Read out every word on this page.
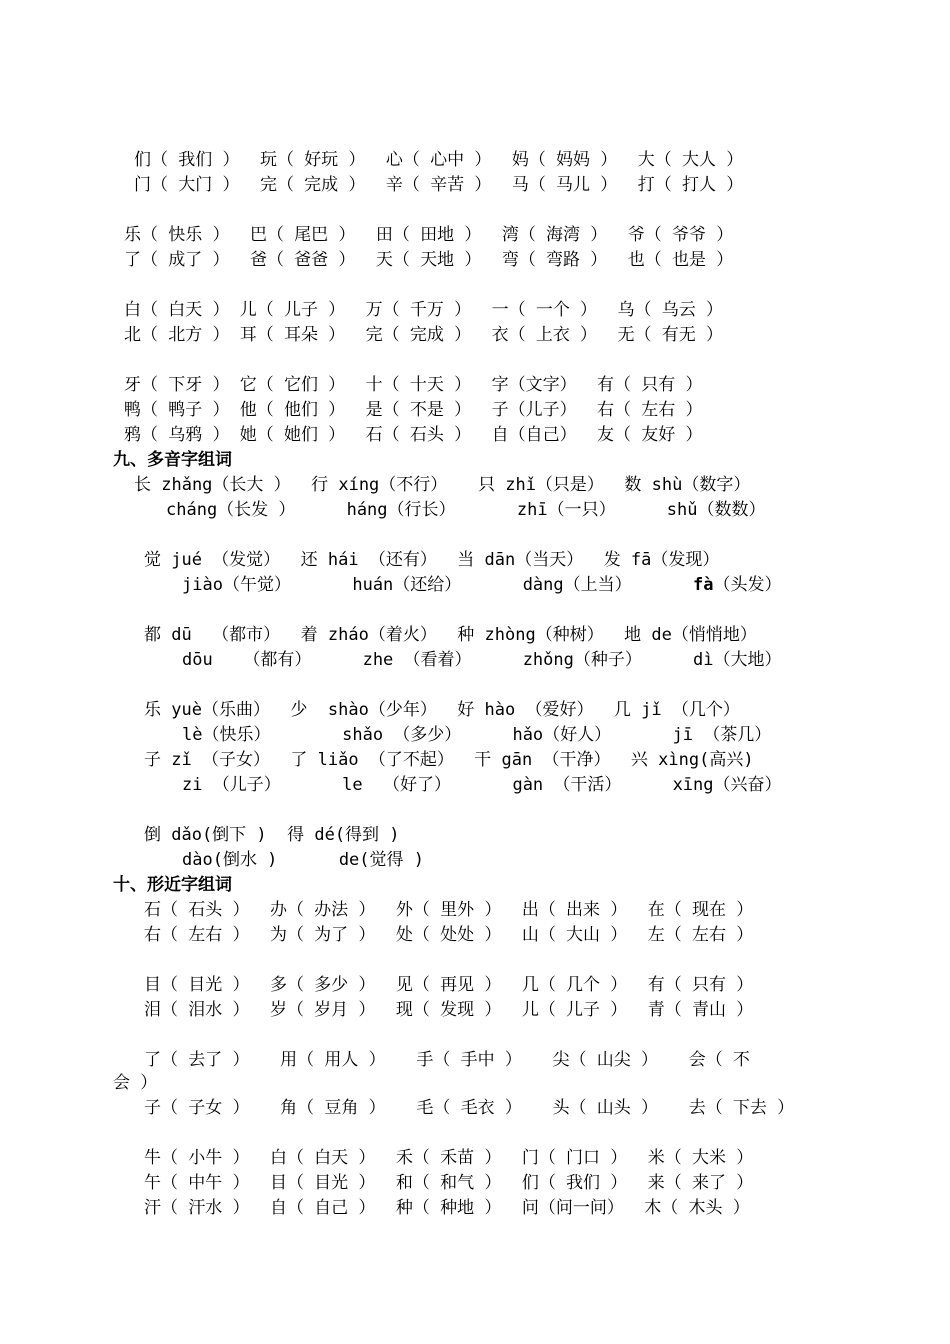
们（ 我们 ）  玩（ 好玩 ）  心（ 心中 ）  妈（ 妈妈 ）  大（ 大人 ）
门（ 大门 ）  完（ 完成 ）  辛（ 辛苦 ）  马（ 马儿 ）  打（ 打人 ）
乐（ 快乐 ）  巴（ 尾巴 ）  田（ 田地 ）  湾（ 海湾 ）  爷（ 爷爷 ）
了（ 成了 ）  爸（ 爸爸 ）  天（ 天地 ）  弯（ 弯路 ）  也（ 也是 ）
白（ 白天 ） 儿（ 儿子 ）  万（ 千万 ）  一（ 一个 ）  乌（ 乌云 ）
北（ 北方 ） 耳（ 耳朵 ）  完（ 完成 ）  衣（ 上衣 ）  无（ 有无 ）
牙（ 下牙 ） 它（ 它们 ）  十（ 十天 ）  字（文字）  有（ 只有 ）
鸭（ 鸭子 ） 他（ 他们 ）  是（ 不是 ）  子（儿子）  右（ 左右 ）
鸦（ 乌鸦 ） 她（ 她们 ）  石（ 石头 ）  自（自己）  友（ 友好 ）
九、多音字组词
长 zhǎng（长大 ）  行 xíng（不行）   只 zhǐ（只是）  数 shù（数字）
cháng（长发 ）     háng（行长）      zhī（一只）     shǔ（数数）
觉 jué （发觉）  还 hái （还有）  当 dān（当天）  发 fā（发现）
jiào（午觉）      huán（还给）      dàng（上当）      fà（头发）
都 dū  （都市）  着 zháo（着火）  种 zhòng（种树）  地 de（悄悄地）
dōu   （都有）     zhe （看着）     zhǒng（种子）     dì（大地）
乐 yuè（乐曲）  少  shào（少年）  好 hào （爱好）  几 jǐ （几个）
lè（快乐）       shǎo （多少）     hǎo（好人）      jī （茶几）
子 zǐ （子女）  了 liǎo （了不起）  干 gān （干净）  兴 xìng(高兴)
zi （儿子）      le  （好了）      gàn （干活）     xīng（兴奋）
倒 dǎo(倒下 )  得 dé(得到 )
dào(倒水 )      de(觉得 )
十、形近字组词
石（ 石头 ）  办（ 办法 ）  外（ 里外 ）  出（ 出来 ）  在（ 现在 ）
右（ 左右 ）  为（ 为了 ）  处（ 处处 ）  山（ 大山 ）  左（ 左右 ）
目（ 目光 ）  多（ 多少 ）  见（ 再见 ）  几（ 几个 ）  有（ 只有 ）
泪（ 泪水 ）  岁（ 岁月 ）  现（ 发现 ）  儿（ 儿子 ）  青（ 青山 ）
了（ 去了 ）   用（ 用人 ）   手（ 手中 ）   尖（ 山尖 ）   会（ 不
会 ）
子（ 子女 ）   角（ 豆角 ）   毛（ 毛衣 ）   头（ 山头 ）   去（ 下去 ）
牛（ 小牛 ）  白（ 白天 ）  禾（ 禾苗 ）  门（ 门口 ）  米（ 大米 ）
午（ 中午 ）  目（ 目光 ）  和（ 和气 ）  们（ 我们 ）  来（ 来了 ）
汗（ 汗水 ）  自（ 自己 ）  种（ 种地 ）  问（问一问）  木（ 木头 ）
